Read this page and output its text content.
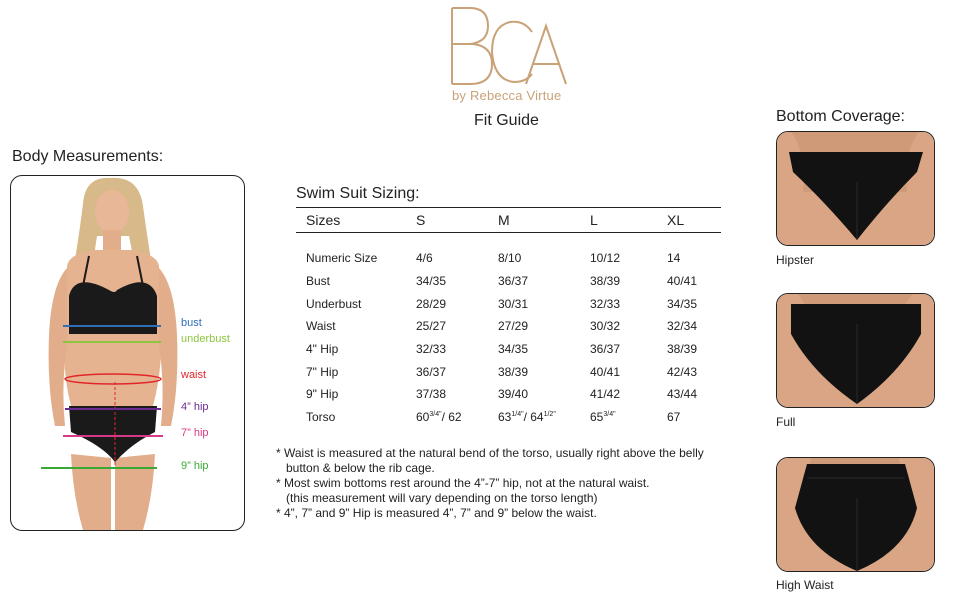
by Rebecca Virtue
Fit Guide
Body Measurements:
bust
underbust
waist
4” hip
7” hip
9” hip
Swim Suit Sizing:
Sizes	S	M	L	XL
Numeric Size	4/6	8/10	10/12	14
Bust	34/35	36/37	38/39	40/41
Underbust	28/29	30/31	32/33	34/35
Waist	25/27	27/29	30/32	32/34
4" Hip	32/33	34/35	36/37	38/39
7" Hip	36/37	38/39	40/41	42/43
9" Hip	37/38	39/40	41/42	43/44
Torso	$60^{3/4"}/$ 62	$63^{1/4"}/$ $64^{1/2"}$	$65^{3/4"}$	67
* Waist is measured at the natural bend of the torso, usually right above the belly
button & below the rib cage.
* Most swim bottoms rest around the 4”-7” hip, not at the natural waist.
(this measurement will vary depending on the torso length)
* 4”, 7” and 9” Hip is measured 4”, 7” and 9” below the waist.
Bottom Coverage:
Hipster
Full
High Waist
